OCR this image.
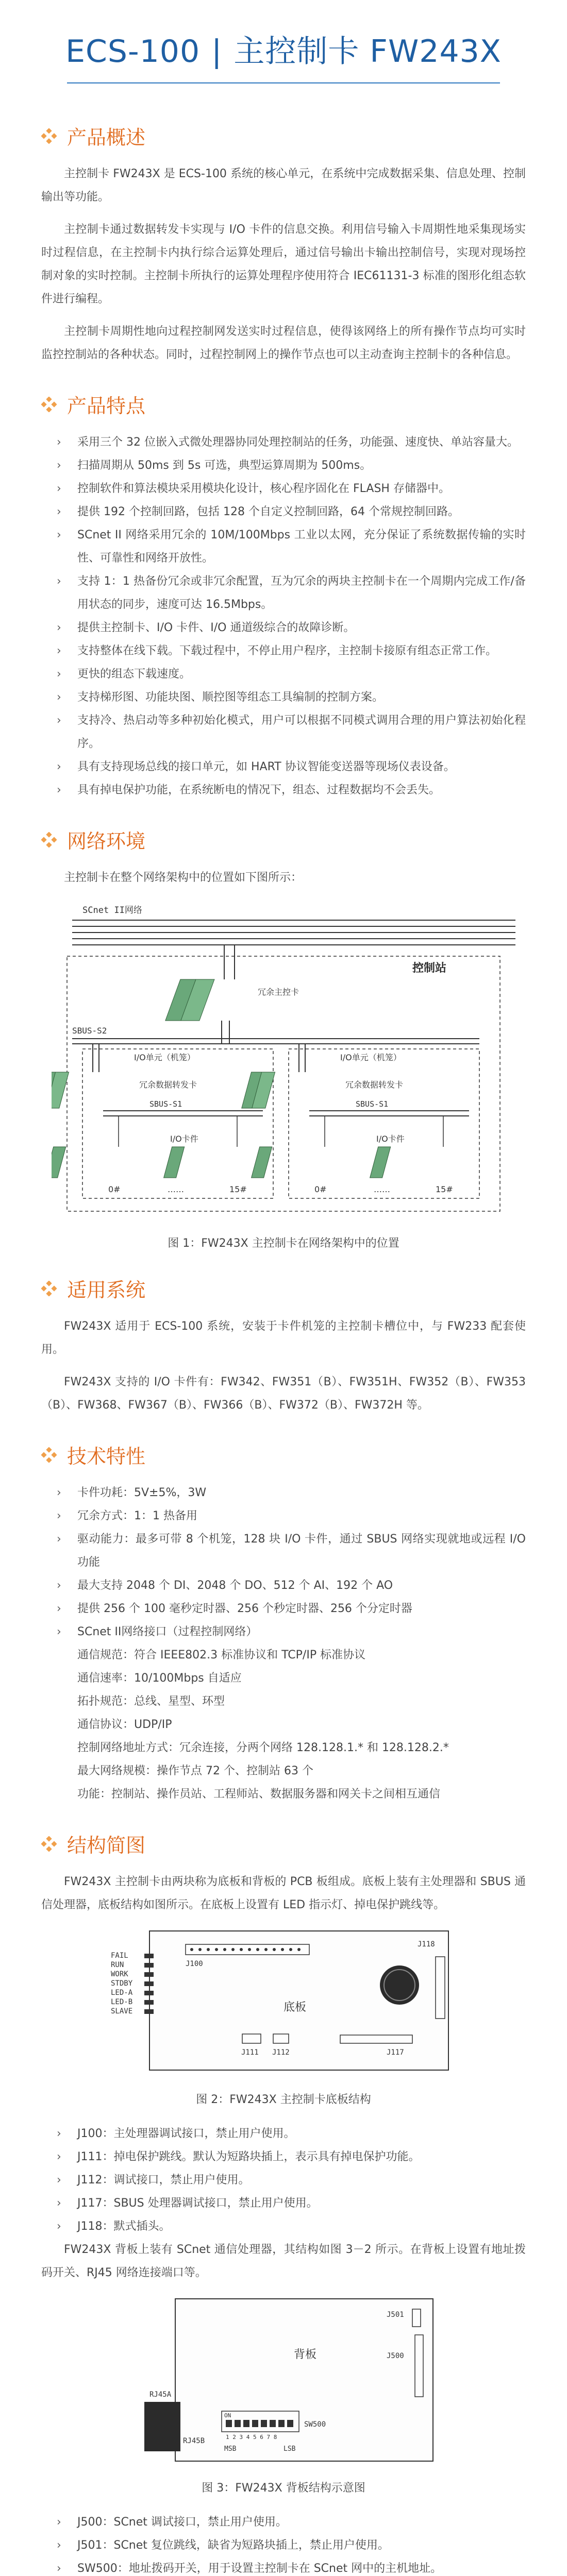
ECS-100 | 主控制卡 FW243X
产品概述

主控制卡 FW243X 是 ECS-100 系统的核心单元，在系统中完成数据采集、信息处理、控制输出等功能。

主控制卡通过数据转发卡实现与 I/O 卡件的信息交换。利用信号输入卡周期性地采集现场实时过程信息，在主控制卡内执行综合运算处理后，通过信号输出卡输出控制信号，实现对现场控制对象的实时控制。主控制卡所执行的运算处理程序使用符合 IEC61131-3 标准的图形化组态软件进行编程。

主控制卡周期性地向过程控制网发送实时过程信息，使得该网络上的所有操作节点均可实时监控控制站的各种状态。同时，过程控制网上的操作节点也可以主动查询主控制卡的各种信息。

产品特点
› 采用三个 32 位嵌入式微处理器协同处理控制站的任务，功能强、速度快、单站容量大。
› 扫描周期从 50ms 到 5s 可选，典型运算周期为 500ms。
› 控制软件和算法模块采用模块化设计，核心程序固化在 FLASH 存储器中。
› 提供 192 个控制回路，包括 128 个自定义控制回路，64 个常规控制回路。
› SCnet II 网络采用冗余的 10M/100Mbps 工业以太网，充分保证了系统数据传输的实时性、可靠性和网络开放性。
› 支持 1：1 热备份冗余或非冗余配置，互为冗余的两块主控制卡在一个周期内完成工作/备用状态的同步，速度可达 16.5Mbps。
› 提供主控制卡、I/O 卡件、I/O 通道级综合的故障诊断。
› 支持整体在线下载。下载过程中，不停止用户程序，主控制卡接原有组态正常工作。
› 更快的组态下载速度。
› 支持梯形图、功能块图、顺控图等组态工具编制的控制方案。
› 支持冷、热启动等多种初始化模式，用户可以根据不同模式调用合理的用户算法初始化程序。
› 具有支持现场总线的接口单元，如 HART 协议智能变送器等现场仪表设备。
› 具有掉电保护功能，在系统断电的情况下，组态、过程数据均不会丢失。
网络环境

主控制卡在整个网络架构中的位置如下图所示：

SCnet II网络
控制站
冗余主控卡
SBUS-S2
I/O单元（机笼）
冗余数据转发卡
SBUS-S1
I/O卡件
0#	……	15#
I/O单元（机笼）
冗余数据转发卡
SBUS-S1
I/O卡件
0#	……	15#
图 1：FW243X 主控制卡在网络架构中的位置
适用系统

FW243X 适用于 ECS-100 系统，安装于卡件机笼的主控制卡槽位中，与 FW233 配套使用。

FW243X 支持的 I/O 卡件有：FW342、FW351（B）、FW351H、FW352（B）、FW353（B）、FW368、FW367（B）、FW366（B）、FW372（B）、FW372H 等。

技术特性
› 卡件功耗：5V±5%，3W
› 冗余方式：1：1 热备用
› 驱动能力：最多可带 8 个机笼，128 块 I/O 卡件，通过 SBUS 网络实现就地或远程 I/O 功能
› 最大支持 2048 个 DI、2048 个 DO、512 个 AI、192 个 AO
› 提供 256 个 100 毫秒定时器、256 个秒定时器、256 个分定时器
› SCnet II网络接口（过程控制网络）
通信规范：符合 IEEE802.3 标准协议和 TCP/IP 标准协议
通信速率：10/100Mbps 自适应
拓扑规范：总线、星型、环型
通信协议：UDP/IP
控制网络地址方式：冗余连接，分两个网络 128.128.1.* 和 128.128.2.*
最大网络规模：操作节点 72 个、控制站 63 个
功能：控制站、操作员站、工程师站、数据服务器和网关卡之间相互通信
结构简图

FW243X 主控制卡由两块称为底板和背板的 PCB 板组成。底板上装有主处理器和 SBUS 通信处理器，底板结构如图所示。在底板上设置有 LED 指示灯、掉电保护跳线等。

FAIL
RUN
WORK
STDBY
LED-A
LED-B
SLAVE
J100
J118
底板
J111 J112	J117
图 2：FW243X 主控制卡底板结构
› J100：主处理器调试接口，禁止用户使用。
› J111：掉电保护跳线。默认为短路块插上，表示具有掉电保护功能。
› J112：调试接口，禁止用户使用。
› J117：SBUS 处理器调试接口，禁止用户使用。
› J118：默式插头。

FW243X 背板上装有 SCnet 通信处理器，其结构如图 3－2 所示。在背板上设置有地址拨码开关、RJ45 网络连接端口等。

J501
J500
背板
RJ45A
RJ45B
ON
1 2 3 4 5 6 7 8
MSB	LSB
SW500
图 3：FW243X 背板结构示意图
› J500：SCnet 调试接口，禁止用户使用。
› J501：SCnet 复位跳线，缺省为短路块插上，禁止用户使用。
› SW500：地址拨码开关，用于设置主控制卡在 SCnet 网中的主机地址。
